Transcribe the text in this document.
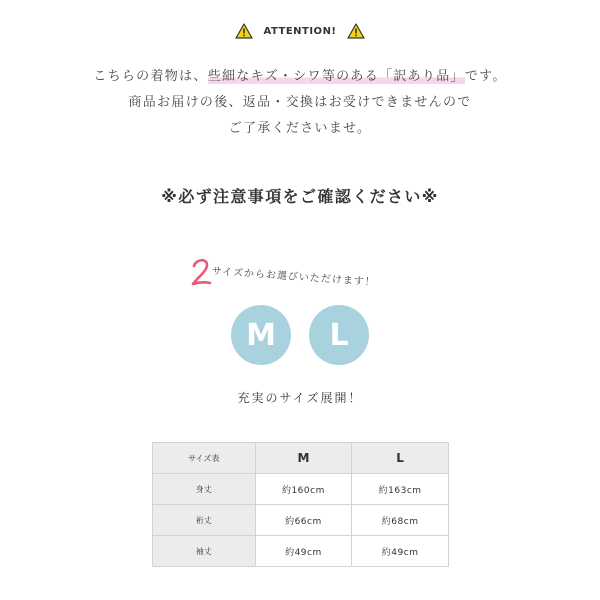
ATTENTION!
こちらの着物は、些細なキズ・シワ等のある「訳あり品」です。
商品お届けの後、返品・交換はお受けできませんので
ご了承くださいませ。
※必ず注意事項をご確認ください※
サイズからお選びいただけます！
M	L
充実のサイズ展開！
サイズ表	M	L
身丈	約160cm	約163cm
裄丈	約66cm	約68cm
袖丈	約49cm	約49cm
